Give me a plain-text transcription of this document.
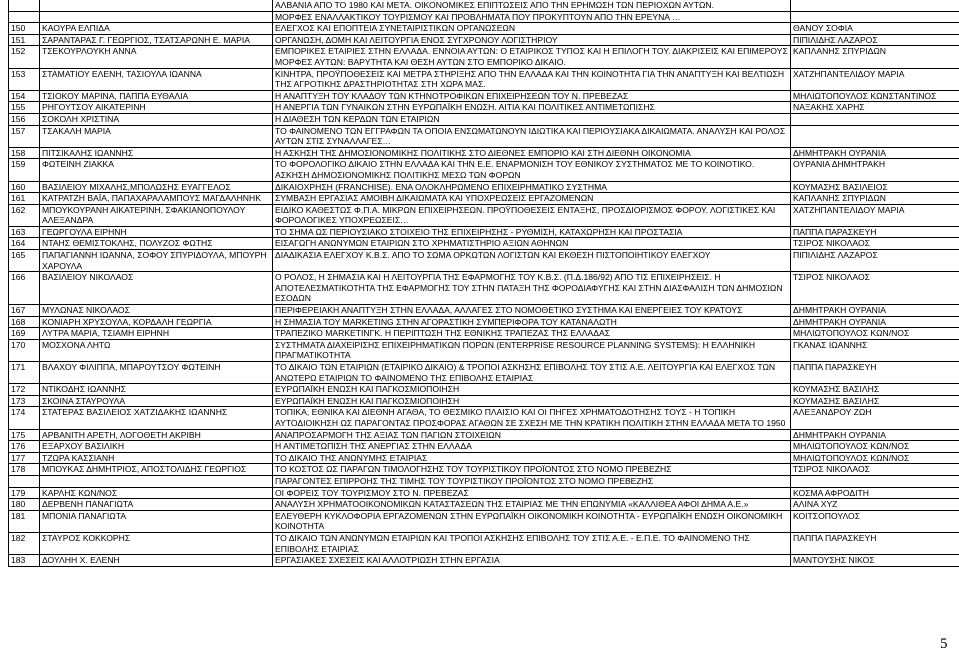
		ΑΛΒΑΝΙΑ ΑΠΟ ΤΟ 1980 ΚΑΙ ΜΕΤΑ. ΟΙΚΟΝΟΜΙΚΕΣ ΕΠΙΠΤΩΣΕΙΣ ΑΠΟ ΤΗΝ ΕΡΗΜΩΣΗ ΤΩΝ ΠΕΡΙΟΧΩΝ ΑΥΤΩΝ.	
		ΜΟΡΦΕΣ ΕΝΑΛΛΑΚΤΙΚΟΥ ΤΟΥΡΙΣΜΟΥ ΚΑΙ ΠΡΟΒΛΗΜΑΤΑ ΠΟΥ ΠΡΟΚΥΠΤΟΥΝ ΑΠΟ ΤΗΝ ΕΡΕΥΝΑ …	
150	ΚΑΟΥΡΑ ΕΛΠΙΔΑ	ΕΛΕΓΧΟΣ ΚΑΙ ΕΠΟΠΤΕΙΑ ΣΥΝΕΤΑΙΡΙΣΤΙΚΩΝ ΟΡΓΑΝΩΣΕΩΝ	ΘΑΝΟΥ ΣΟΦΙΑ
151	ΣΑΡΑΝΤΑΡΑΣ Γ. ΓΕΩΡΓΙΟΣ, ΤΣΑΤΣΑΡΩΝΗ Ε. ΜΑΡΙΑ	ΟΡΓΑΝΩΣΗ, ΔΟΜΗ ΚΑΙ ΛΕΙΤΟΥΡΓΙΑ ΕΝΟΣ ΣΥΓΧΡΟΝΟΥ ΛΟΓΙΣΤΗΡΙΟΥ	ΠΙΠΙΛΙΔΗΣ ΛΑΖΑΡΟΣ
152	ΤΣΕΚΟΥΡΛΟΥΚΗ ΑΝΝΑ	ΕΜΠΟΡΙΚΕΣ ΕΤΑΙΡΙΕΣ ΣΤΗΝ ΕΛΛΑΔΑ. ΕΝΝΟΙΑ ΑΥΤΩΝ: Ο ΕΤΑΙΡΙΚΟΣ ΤΥΠΟΣ ΚΑΙ Η ΕΠΙΛΟΓΗ ΤΟΥ. ΔΙΑΚΡΙΣΕΙΣ ΚΑΙ ΕΠΙΜΕΡΟΥΣ ΜΟΡΦΕΣ ΑΥΤΩΝ: ΒΑΡΥΤΗΤΑ ΚΑΙ ΘΕΣΗ ΑΥΤΩΝ ΣΤΟ ΕΜΠΟΡΙΚΟ ΔΙΚΑΙΟ.	ΚΑΠΛΑΝΗΣ ΣΠΥΡΙΔΩΝ
153	ΣΤΑΜΑΤΙΟΥ ΕΛΕΝΗ, ΤΑΣΙΟΥΛΑ ΙΩΑΝΝΑ	ΚΙΝΗΤΡΑ, ΠΡΟΫΠΟΘΕΣΕΙΣ ΚΑΙ ΜΕΤΡΑ ΣΤΗΡΙΞΗΣ ΑΠΟ ΤΗΝ ΕΛΛΑΔΑ ΚΑΙ ΤΗΝ ΚΟΙΝΟΤΗΤΑ ΓΙΑ ΤΗΝ ΑΝΑΠΤΥΞΗ ΚΑΙ ΒΕΛΤΙΩΣΗ ΤΗΣ ΑΓΡΟΤΙΚΗΣ ΔΡΑΣΤΗΡΙΟΤΗΤΑΣ ΣΤΗ ΧΩΡΑ ΜΑΣ.	ΧΑΤΖΗΠΑΝΤΕΛΙΔΟΥ ΜΑΡΙΑ
154	ΤΣΙΟΚΟΥ ΜΑΡΙΝΑ, ΠΑΠΠΑ ΕΥΘΑΛΙΑ	Η ΑΝΑΠΤΥΞΗ ΤΟΥ ΚΛΑΔΟΥ ΤΩΝ ΚΤΗΝΟΤΡΟΦΙΚΩΝ ΕΠΙΧΕΙΡΗΣΕΩΝ ΤΟΥ Ν. ΠΡΕΒΕΖΑΣ	ΜΗΛΙΩΤΟΠΟΥΛΟΣ ΚΩΝΣΤΑΝΤΙΝΟΣ
155	ΡΗΓΟΥΤΣΟΥ ΑΙΚΑΤΕΡΙΝΗ	Η ΑΝΕΡΓΙΑ ΤΩΝ ΓΥΝΑΙΚΩΝ ΣΤΗΝ ΕΥΡΩΠΑΪΚΗ ΕΝΩΣΗ. ΑΙΤΙΑ ΚΑΙ ΠΟΛΙΤΙΚΕΣ ΑΝΤΙΜΕΤΩΠΙΣΗΣ	ΝΑΞΑΚΗΣ ΧΑΡΗΣ
156	ΣΟΚΟΛΗ ΧΡΙΣΤΙΝΑ	Η ΔΙΑΘΕΣΗ ΤΩΝ ΚΕΡΔΩΝ ΤΩΝ ΕΤΑΙΡΙΩΝ	
157	ΤΣΑΚΑΛΗ ΜΑΡΙΑ	ΤΟ ΦΑΙΝΟΜΕΝΟ ΤΩΝ ΕΓΓΡΑΦΩΝ ΤΑ ΟΠΟΙΑ ΕΝΣΩΜΑΤΩΝΟΥΝ ΙΔΙΩΤΙΚΑ ΚΑΙ ΠΕΡΙΟΥΣΙΑΚΑ ΔΙΚΑΙΩΜΑΤΑ. ΑΝΑΛΥΣΗ ΚΑΙ ΡΟΛΟΣ ΑΥΤΩΝ ΣΤΙΣ ΣΥΝΑΛΛΑΓΕΣ…	
158	ΠΙΤΣΙΚΑΛΗΣ ΙΩΑΝΝΗΣ	Η ΑΣΚΗΣΗ ΤΗΣ ΔΗΜΟΣΙΟΝΟΜΙΚΗΣ ΠΟΛΙΤΙΚΗΣ ΣΤΟ ΔΙΕΘΝΕΣ ΕΜΠΟΡΙΟ ΚΑΙ ΣΤΗ ΔΙΕΘΝΗ ΟΙΚΟΝΟΜΙΑ	ΔΗΜΗΤΡΑΚΗ ΟΥΡΑΝΙΑ
159	ΦΩΤΕΙΝΗ ΖΙΑΚΚΑ	ΤΟ ΦΟΡΟΛΟΓΙΚΟ ΔΙΚΑΙΟ ΣΤΗΝ ΕΛΛΑΔΑ ΚΑΙ ΤΗΝ Ε.Ε. ΕΝΑΡΜΟΝΙΣΗ ΤΟΥ ΕΘΝΙΚΟΥ ΣΥΣΤΗΜΑΤΟΣ ΜΕ ΤΟ ΚΟΙΝΟΤΙΚΟ. ΑΣΚΗΣΗ ΔΗΜΟΣΙΟΝΟΜΙΚΗΣ ΠΟΛΙΤΙΚΗΣ ΜΕΣΩ ΤΩΝ ΦΟΡΩΝ	ΟΥΡΑΝΙΑ ΔΗΜΗΤΡΑΚΗ
160	ΒΑΣΙΛΕΙΟΥ ΜΙΧΑΛΗΣ,ΜΠΟΛΩΣΗΣ ΕΥΑΓΓΕΛΟΣ	ΔΙΚΑΙΟΧΡΗΣΗ (FRANCHISE). ΕΝΑ ΟΛΟΚΛΗΡΩΜΕΝΟ ΕΠΙΧΕΙΡΗΜΑΤΙΚΟ ΣΥΣΤΗΜΑ	ΚΟΥΜΑΣΗΣ ΒΑΣΙΛΕΙΟΣ
161	ΚΑΤΡΑΤΖΗ ΒΑΪΑ, ΠΑΠΑΧΑΡΑΛΑΜΠΟΥΣ ΜΑΓΔΑΛΗΝΗΚ	ΣΥΜΒΑΣΗ ΕΡΓΑΣΙΑΣ ΑΜΟΙΒΗ ΔΙΚΑΙΩΜΑΤΑ ΚΑΙ ΥΠΟΧΡΕΩΣΕΙΣ ΕΡΓΑΖΟΜΕΝΩΝ	ΚΑΠΛΑΝΗΣ ΣΠΥΡΙΔΩΝ
162	ΜΠΟΥΚΟΥΡΑΝΗ ΑΙΚΑΤΕΡΙΝΗ, ΣΦΑΚΙΑΝΟΠΟΥΛΟΥ ΑΛΕΞΑΝΔΡΑ	ΕΙΔΙΚΟ ΚΑΘΕΣΤΩΣ Φ.Π.Α. ΜΙΚΡΩΝ ΕΠΙΧΕΙΡΗΣΕΩΝ. ΠΡΟΫΠΟΘΕΣΕΙΣ ΕΝΤΑΞΗΣ, ΠΡΟΣΔΙΟΡΙΣΜΟΣ ΦΟΡΟΥ. ΛΟΓΙΣΤΙΚΕΣ ΚΑΙ ΦΟΡΟΛΟΓΙΚΕΣ ΥΠΟΧΡΕΩΣΕΙΣ…	ΧΑΤΖΗΠΑΝΤΕΛΙΔΟΥ ΜΑΡΙΑ
163	ΓΕΩΡΓΟΥΛΑ ΕΙΡΗΝΗ	ΤΟ ΣΗΜΑ ΩΣ ΠΕΡΙΟΥΣΙΑΚΟ ΣΤΟΙΧΕΙΟ ΤΗΣ ΕΠΙΧΕΙΡΗΣΗΣ - ΡΥΘΜΙΣΗ, ΚΑΤΑΧΩΡΗΣΗ ΚΑΙ ΠΡΟΣΤΑΣΙΑ	ΠΑΠΠΑ ΠΑΡΑΣΚΕΥΗ
164	ΝΤΑΗΣ ΘΕΜΙΣΤΟΚΛΗΣ, ΠΟΛΥΖΟΣ ΦΩΤΗΣ	ΕΙΣΑΓΩΓΗ ΑΝΩΝΥΜΩΝ ΕΤΑΙΡΙΩΝ ΣΤΟ ΧΡΗΜΑΤΙΣΤΗΡΙΟ ΑΞΙΩΝ ΑΘΗΝΩΝ	ΤΣΙΡΟΣ ΝΙΚΟΛΑΟΣ
165	ΠΑΠΑΓΙΑΝΝΗ ΙΩΑΝΝΑ, ΣΟΦΟΥ ΣΠΥΡΙΔΟΥΛΑ, ΜΠΟΥΡΗ ΧΑΡΟΥΛΑ	ΔΙΑΔΙΚΑΣΙΑ ΕΛΕΓΧΟΥ Κ.Β.Σ. ΑΠΟ ΤΟ ΣΩΜΑ ΟΡΚΩΤΩΝ ΛΟΓΙΣΤΩΝ ΚΑΙ ΕΚΘΕΣΗ ΠΙΣΤΟΠΟΙΗΤΙΚΟΥ ΕΛΕΓΧΟΥ	ΠΙΠΙΛΙΔΗΣ ΛΑΖΑΡΟΣ
166	ΒΑΣΙΛΕΙΟΥ ΝΙΚΟΛΑΟΣ	Ο ΡΟΛΟΣ, Η ΣΗΜΑΣΙΑ ΚΑΙ Η ΛΕΙΤΟΥΡΓΙΑ ΤΗΣ ΕΦΑΡΜΟΓΗΣ ΤΟΥ Κ.Β.Σ. (Π.Δ.186/92) ΑΠΟ ΤΙΣ ΕΠΙΧΕΙΡΗΣΕΙΣ. Η ΑΠΟΤΕΛΕΣΜΑΤΙΚΟΤΗΤΑ ΤΗΣ ΕΦΑΡΜΟΓΗΣ ΤΟΥ ΣΤΗΝ ΠΑΤΑΞΗ ΤΗΣ ΦΟΡΟΔΙΑΦΥΓΗΣ ΚΑΙ ΣΤΗΝ ΔΙΑΣΦΑΛΙΣΗ ΤΩΝ ΔΗΜΟΣΙΩΝ ΕΣΟΔΩΝ	ΤΣΙΡΟΣ ΝΙΚΟΛΑΟΣ
167	ΜΥΛΩΝΑΣ ΝΙΚΟΛΑΟΣ	ΠΕΡΙΦΕΡΕΙΑΚΗ ΑΝΑΠΤΥΞΗ ΣΤΗΝ ΕΛΛΑΔΑ, ΑΛΛΑΓΕΣ ΣΤΟ ΝΟΜΟΘΕΤΙΚΟ ΣΥΣΤΗΜΑ ΚΑΙ ΕΝΕΡΓΕΙΕΣ ΤΟΥ ΚΡΑΤΟΥΣ	ΔΗΜΗΤΡΑΚΗ ΟΥΡΑΝΙΑ
168	ΚΟΝΙΑΡΗ ΧΡΥΣΟΥΛΑ, ΚΟΡΔΑΛΗ ΓΕΩΡΓΙΑ	Η ΣΗΜΑΣΙΑ ΤΟΥ MARKETING ΣΤΗΝ ΑΓΟΡΑΣΤΙΚΗ ΣΥΜΠΕΡΙΦΟΡΑ ΤΟΥ ΚΑΤΑΝΑΛΩΤΗ	ΔΗΜΗΤΡΑΚΗ ΟΥΡΑΝΙΑ
169	ΛΥΤΡΑ ΜΑΡΙΑ, ΤΣΙΑΜΗ ΕΙΡΗΝΗ	ΤΡΑΠΕΖΙΚΟ MARKETINΓK. Η ΠΕΡΙΠΤΩΣΗ ΤΗΣ ΕΘΝΙΚΗΣ ΤΡΑΠΕΖΑΣ ΤΗΣ ΕΛΛΑΔΑΣ	ΜΗΛΙΩΤΟΠΟΥΛΟΣ ΚΩΝ/ΝΟΣ
170	ΜΟΣΧΟΝΑ ΛΗΤΩ	ΣΥΣΤΗΜΑΤΑ ΔΙΑΧΕΙΡΙΣΗΣ ΕΠΙΧΕΙΡΗΜΑΤΙΚΩΝ ΠΟΡΩΝ (ENTERPRISE RESOURCE PLANNING SYSTEMS): Η ΕΛΛΗΝΙΚΗ ΠΡΑΓΜΑΤΙΚΟΤΗΤΑ	ΓΚΑΝΑΣ ΙΩΑΝΝΗΣ
171	ΒΛΑΧΟΥ ΦΙΛΙΠΠΑ, ΜΠΑΡΟΥΤΣΟΥ ΦΩΤΕΙΝΗ	ΤΟ ΔΙΚΑΙΟ ΤΩΝ ΕΤΑΙΡΙΩΝ (ΕΤΑΙΡΙΚΟ ΔΙΚΑΙΟ) & ΤΡΟΠΟΙ ΑΣΚΗΣΗΣ ΕΠΙΒΟΛΗΣ ΤΟΥ ΣΤΙΣ Α.Ε. ΛΕΙΤΟΥΡΓΙΑ ΚΑΙ ΕΛΕΓΧΟΣ ΤΩΝ ΑΝΩΤΕΡΩ ΕΤΑΙΡΙΩΝ ΤΟ ΦΑΙΝΟΜΕΝΟ ΤΗΣ ΕΠΙΒΟΛΗΣ ΕΤΑΙΡΙΑΣ	ΠΑΠΠΑ ΠΑΡΑΣΚΕΥΗ
172	ΝΤΙΚΟΔΗΣ ΙΩΑΝΝΗΣ	ΕΥΡΩΠΑΪΚΗ ΕΝΩΣΗ ΚΑΙ ΠΑΓΚΟΣΜΙΟΠΟΙΗΣΗ	ΚΟΥΜΑΣΗΣ ΒΑΣΙΛΗΣ
173	ΣΚΟΙΝΑ ΣΤΑΥΡΟΥΛΑ	ΕΥΡΩΠΑΪΚΗ ΕΝΩΣΗ ΚΑΙ ΠΑΓΚΟΣΜΙΟΠΟΙΗΣΗ	ΚΟΥΜΑΣΗΣ ΒΑΣΙΛΗΣ
174	ΣΤΑΤΕΡΑΣ ΒΑΣΙΛΕΙΟΣ ΧΑΤΖΙΔΑΚΗΣ ΙΩΑΝΝΗΣ	ΤΟΠΙΚΑ, ΕΘΝΙΚΑ ΚΑΙ ΔΙΕΘΝΗ ΑΓΑΘΑ, ΤΟ ΘΕΣΜΙΚΟ ΠΛΑΙΣΙΟ ΚΑΙ ΟΙ ΠΗΓΕΣ ΧΡΗΜΑΤΟΔΟΤΗΣΗΣ ΤΟΥΣ - Η ΤΟΠΙΚΗ ΑΥΤΟΔΙΟΙΚΗΣΗ ΩΣ ΠΑΡΑΓΟΝΤΑΣ ΠΡΟΣΦΟΡΑΣ ΑΓΑΘΩΝ ΣΕ ΣΧΕΣΗ ΜΕ ΤΗΝ ΚΡΑΤΙΚΗ ΠΟΛΙΤΙΚΗ ΣΤΗΝ ΕΛΛΑΔΑ ΜΕΤΑ ΤΟ 1950	ΑΛΕΞΑΝΔΡΟΥ ΖΩΗ
175	ΑΡΒΑΝΙΤΗ ΑΡΕΤΗ, ΛΟΓΟΘΕΤΗ ΑΚΡΙΒΗ	ΑΝΑΠΡΟΣΑΡΜΟΓΗ ΤΗΣ ΑΞΙΑΣ ΤΩΝ ΠΑΓΙΩΝ ΣΤΟΙΧΕΙΩΝ	ΔΗΜΗΤΡΑΚΗ ΟΥΡΑΝΙΑ
176	ΕΞΑΡΧΟΥ ΒΑΣΙΛΙΚΗ	Η ΑΝΤΙΜΕΤΩΠΙΣΗ ΤΗΣ ΑΝΕΡΓΙΑΣ ΣΤΗΝ ΕΛΛΑΔΑ	ΜΗΛΙΩΤΟΠΟΥΛΟΣ ΚΩΝ/ΝΟΣ
177	ΤΖΩΡΑ ΚΑΣΣΙΑΝΗ	ΤΟ ΔΙΚΑΙΟ ΤΗΣ ΑΝΩΝΥΜΗΣ ΕΤΑΙΡΙΑΣ	ΜΗΛΙΩΤΟΠΟΥΛΟΣ ΚΩΝ/ΝΟΣ
178	ΜΠΟΥΚΑΣ ΔΗΜΗΤΡΙΟΣ, ΑΠΟΣΤΟΛΙΔΗΣ ΓΕΩΡΓΙΟΣ	ΤΟ ΚΟΣΤΟΣ ΩΣ ΠΑΡΑΓΩΝ ΤΙΜΟΛΟΓΗΣΗΣ ΤΟΥ ΤΟΥΡΙΣΤΙΚΟΥ ΠΡΟΪΟΝΤΟΣ ΣΤΟ ΝΟΜΟ ΠΡΕΒΕΖΗΣ	ΤΣΙΡΟΣ ΝΙΚΟΛΑΟΣ
		ΠΑΡΑΓΟΝΤΕΣ ΕΠΙΡΡΟΗΣ ΤΗΣ ΤΙΜΗΣ ΤΟΥ ΤΟΥΡΙΣΤΙΚΟΥ ΠΡΟΪΟΝΤΟΣ ΣΤΟ ΝΟΜΟ ΠΡΕΒΕΖΗΣ	
179	ΚΑΡΛΗΣ ΚΩΝ/ΝΟΣ	ΟΙ ΦΟΡΕΙΣ ΤΟΥ ΤΟΥΡΙΣΜΟΥ ΣΤΟ Ν. ΠΡΕΒΕΖΑΣ	ΚΟΣΜΑ ΑΦΡΟΔΙΤΗ
180	ΔΕΡΒΕΝΗ ΠΑΝΑΓΙΩΤΑ	ΑΝΑΛΥΣΗ ΧΡΗΜΑΤΟΟΙΚΟΝΟΜΙΚΩΝ ΚΑΤΑΣΤΑΣΕΩΝ ΤΗΣ ΕΤΑΙΡΙΑΣ ΜΕ ΤΗΝ ΕΠΩΝΥΜΙΑ «ΚΑΛΛΙΘΕΑ ΑΦΟΙ ΔΗΜΑ Α.Ε.»	ΑΛΙΝΑ ΧΥΖ
181	ΜΠΟΝΙΑ ΠΑΝΑΓΙΩΤΑ	ΕΛΕΥΘΕΡΗ ΚΥΚΛΟΦΟΡΙΑ ΕΡΓΑΖΟΜΕΝΩΝ ΣΤΗΝ ΕΥΡΩΠΑΪΚΗ ΟΙΚΟΝΟΜΙΚΗ ΚΟΙΝΟΤΗΤΑ - ΕΥΡΩΠΑΪΚΗ ΕΝΩΣΗ ΟΙΚΟΝΟΜΙΚΗ ΚΟΙΝΟΤΗΤΑ	ΚΟΙΤΣΟΠΟΥΛΟΣ
182	ΣΤΑΥΡΟΣ ΚΟΚΚΟΡΗΣ	ΤΟ ΔΙΚΑΙΟ ΤΩΝ ΑΝΩΝΥΜΩΝ ΕΤΑΙΡΙΩΝ ΚΑΙ ΤΡΟΠΟΙ ΑΣΚΗΣΗΣ ΕΠΙΒΟΛΗΣ ΤΟΥ ΣΤΙΣ Α.Ε. - Ε.Π.Ε. ΤΟ ΦΑΙΝΟΜΕΝΟ ΤΗΣ ΕΠΙΒΟΛΗΣ ΕΤΑΙΡΙΑΣ	ΠΑΠΠΑ ΠΑΡΑΣΚΕΥΗ
183	ΔΟΥΛΗΗ Χ. ΕΛΕΝΗ	ΕΡΓΑΣΙΑΚΕΣ ΣΧΕΣΕΙΣ ΚΑΙ ΑΛΛΟΤΡΙΩΣΗ ΣΤΗΝ ΕΡΓΑΣΙΑ	ΜΑΝΤΟΥΣΗΣ ΝΙΚΟΣ
5
